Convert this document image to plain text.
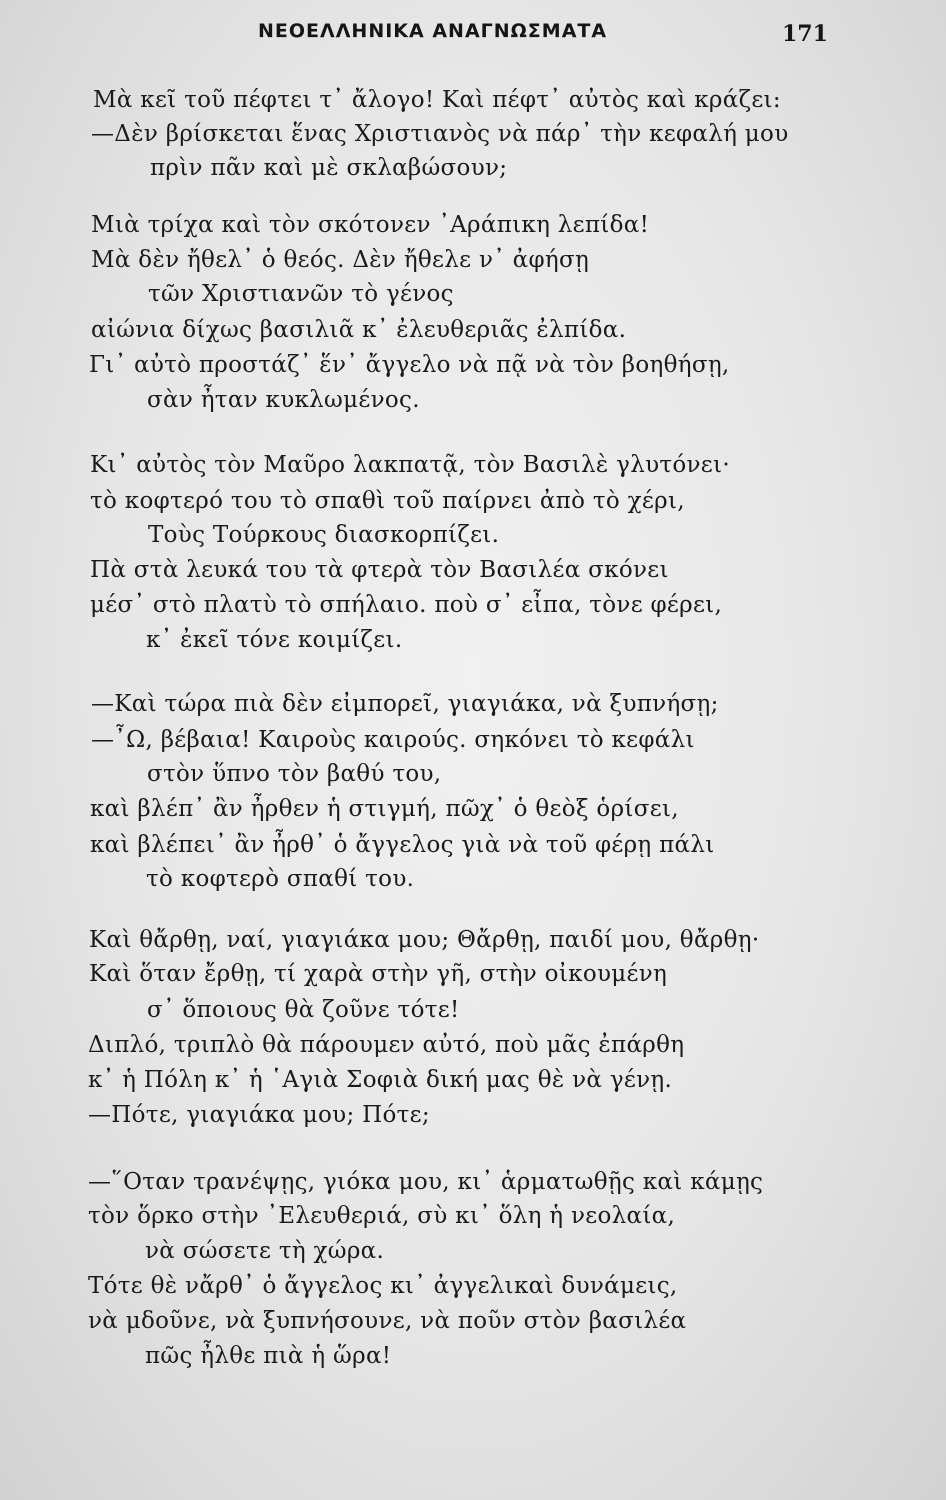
ΝΕΟΕΛΛΗΝΙΚΑ ΑΝΑΓΝΩΣΜΑΤΑ	171
Μὰ κεῖ τοῦ πέφτει τ᾿ ἄλογο! Καὶ πέφτ᾿ αὐτὸς καὶ κράζει:
—Δὲν βρίσκεται ἕνας Χριστιανὸς νὰ πάρ᾿ τὴν κεφαλή μου
πρὶν πᾶν καὶ μὲ σκλαβώσουν;
Μιὰ τρίχα καὶ τὸν σκότονεν ᾿Αράπικη λεπίδα!
Μὰ δὲν ἤθελ᾿ ὁ θεός. Δὲν ἤθελε ν᾿ ἀφήσῃ
τῶν Χριστιανῶν τὸ γένος
αἰώνια δίχως βασιλιᾶ κ᾿ ἐλευθεριᾶς ἐλπίδα.
Γι᾿ αὐτὸ προστάζ᾿ ἕν᾿ ἄγγελο νὰ πᾷ νὰ τὸν βοηθήσῃ,
σὰν ἦταν κυκλωμένος.
Κι᾿ αὐτὸς τὸν Μαῦρο λακπατᾷ, τὸν Βασιλὲ γλυτόνει·
τὸ κοφτερό του τὸ σπαθὶ τοῦ παίρνει ἀπὸ τὸ χέρι,
Τοὺς Τούρκους διασκορπίζει.
Πὰ στὰ λευκά του τὰ φτερὰ τὸν Βασιλέα σκόνει
μέσ᾿ στὸ πλατὺ τὸ σπήλαιο. ποὺ σ᾿ εἶπα, τὸνε φέρει,
κ᾿ ἐκεῖ τόνε κοιμίζει.
—Καὶ τώρα πιὰ δὲν εἰμπορεῖ, γιαγιάκα, νὰ ξυπνήσῃ;
—῏Ω, βέβαια! Καιροὺς καιρούς. σηκόνει τὸ κεφάλι
στὸν ὕπνο τὸν βαθύ του,
καὶ βλέπ᾿ ἂν ἦρθεν ἡ στιγμή, πῶχ᾿ ὁ θεὸξ ὁρίσει,
καὶ βλέπει᾿ ἂν ἦρθ᾿ ὁ ἄγγελος γιὰ νὰ τοῦ φέρῃ πάλι
τὸ κοφτερὸ σπαθί του.
Καὶ θἄρθῃ, ναί, γιαγιάκα μου; Θἄρθῃ, παιδί μου, θἄρθῃ·
Καὶ ὅταν ἔρθῃ, τί χαρὰ στὴν γῆ, στὴν οἰκουμένη
σ᾿ ὅποιους θὰ ζοῦνε τότε!
Διπλό, τριπλὸ θὰ πάρουμεν αὐτό, ποὺ μᾶς ἐπάρθη
κ᾿ ἡ Πόλη κ᾿ ἡ ῾Αγιὰ Σοφιὰ δική μας θὲ νὰ γένῃ.
—Πότε, γιαγιάκα μου; Πότε;
—῞Οταν τρανέψῃς, γιόκα μου, κι᾿ ἁρματωθῇς καὶ κάμῃς
τὸν ὅρκο στὴν ᾿Ελευθεριά, σὺ κι᾿ ὅλη ἡ νεολαία,
νὰ σώσετε τὴ χώρα.
Τότε θὲ νἄρθ᾿ ὁ ἄγγελος κι᾿ ἀγγελικαὶ δυνάμεις,
νὰ μδοῦνε, νὰ ξυπνήσουνε, νὰ ποῦν στὸν βασιλέα
πῶς ἦλθε πιὰ ἡ ὥρα!
